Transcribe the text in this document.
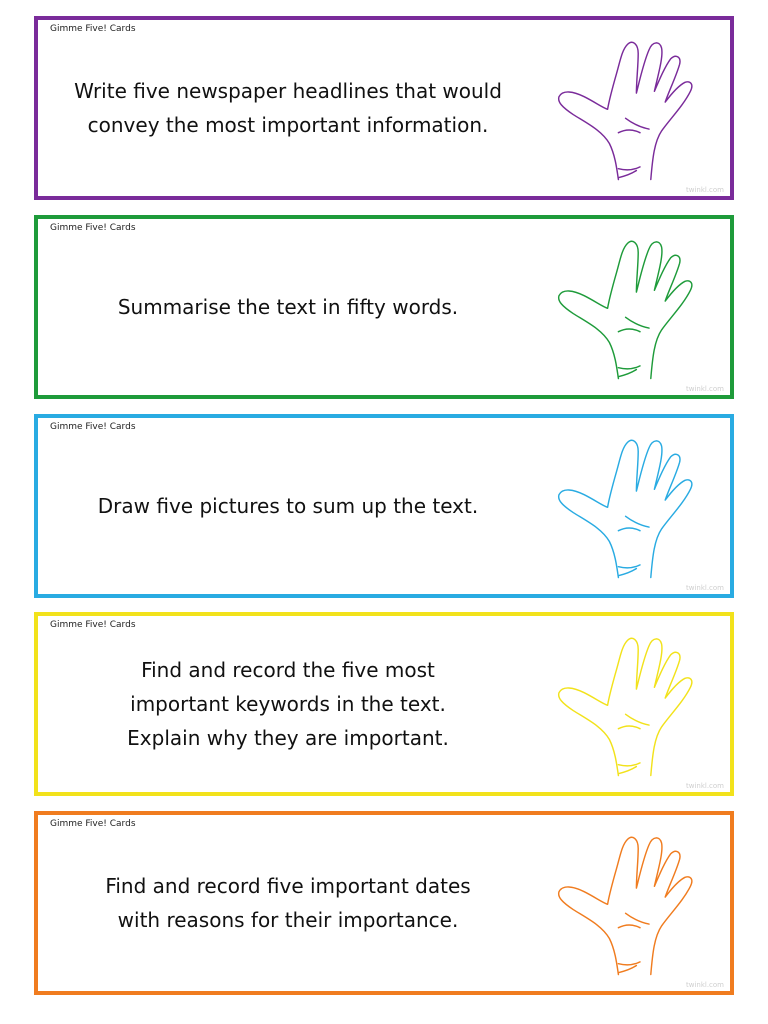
Gimme Five! Cards
Write five newspaper headlines that would
convey the most important information.
twinkl.com
Gimme Five! Cards
Summarise the text in fifty words.
twinkl.com
Gimme Five! Cards
Draw five pictures to sum up the text.
twinkl.com
Gimme Five! Cards
Find and record the five most
important keywords in the text.
Explain why they are important.
twinkl.com
Gimme Five! Cards
Find and record five important dates
with reasons for their importance.
twinkl.com
